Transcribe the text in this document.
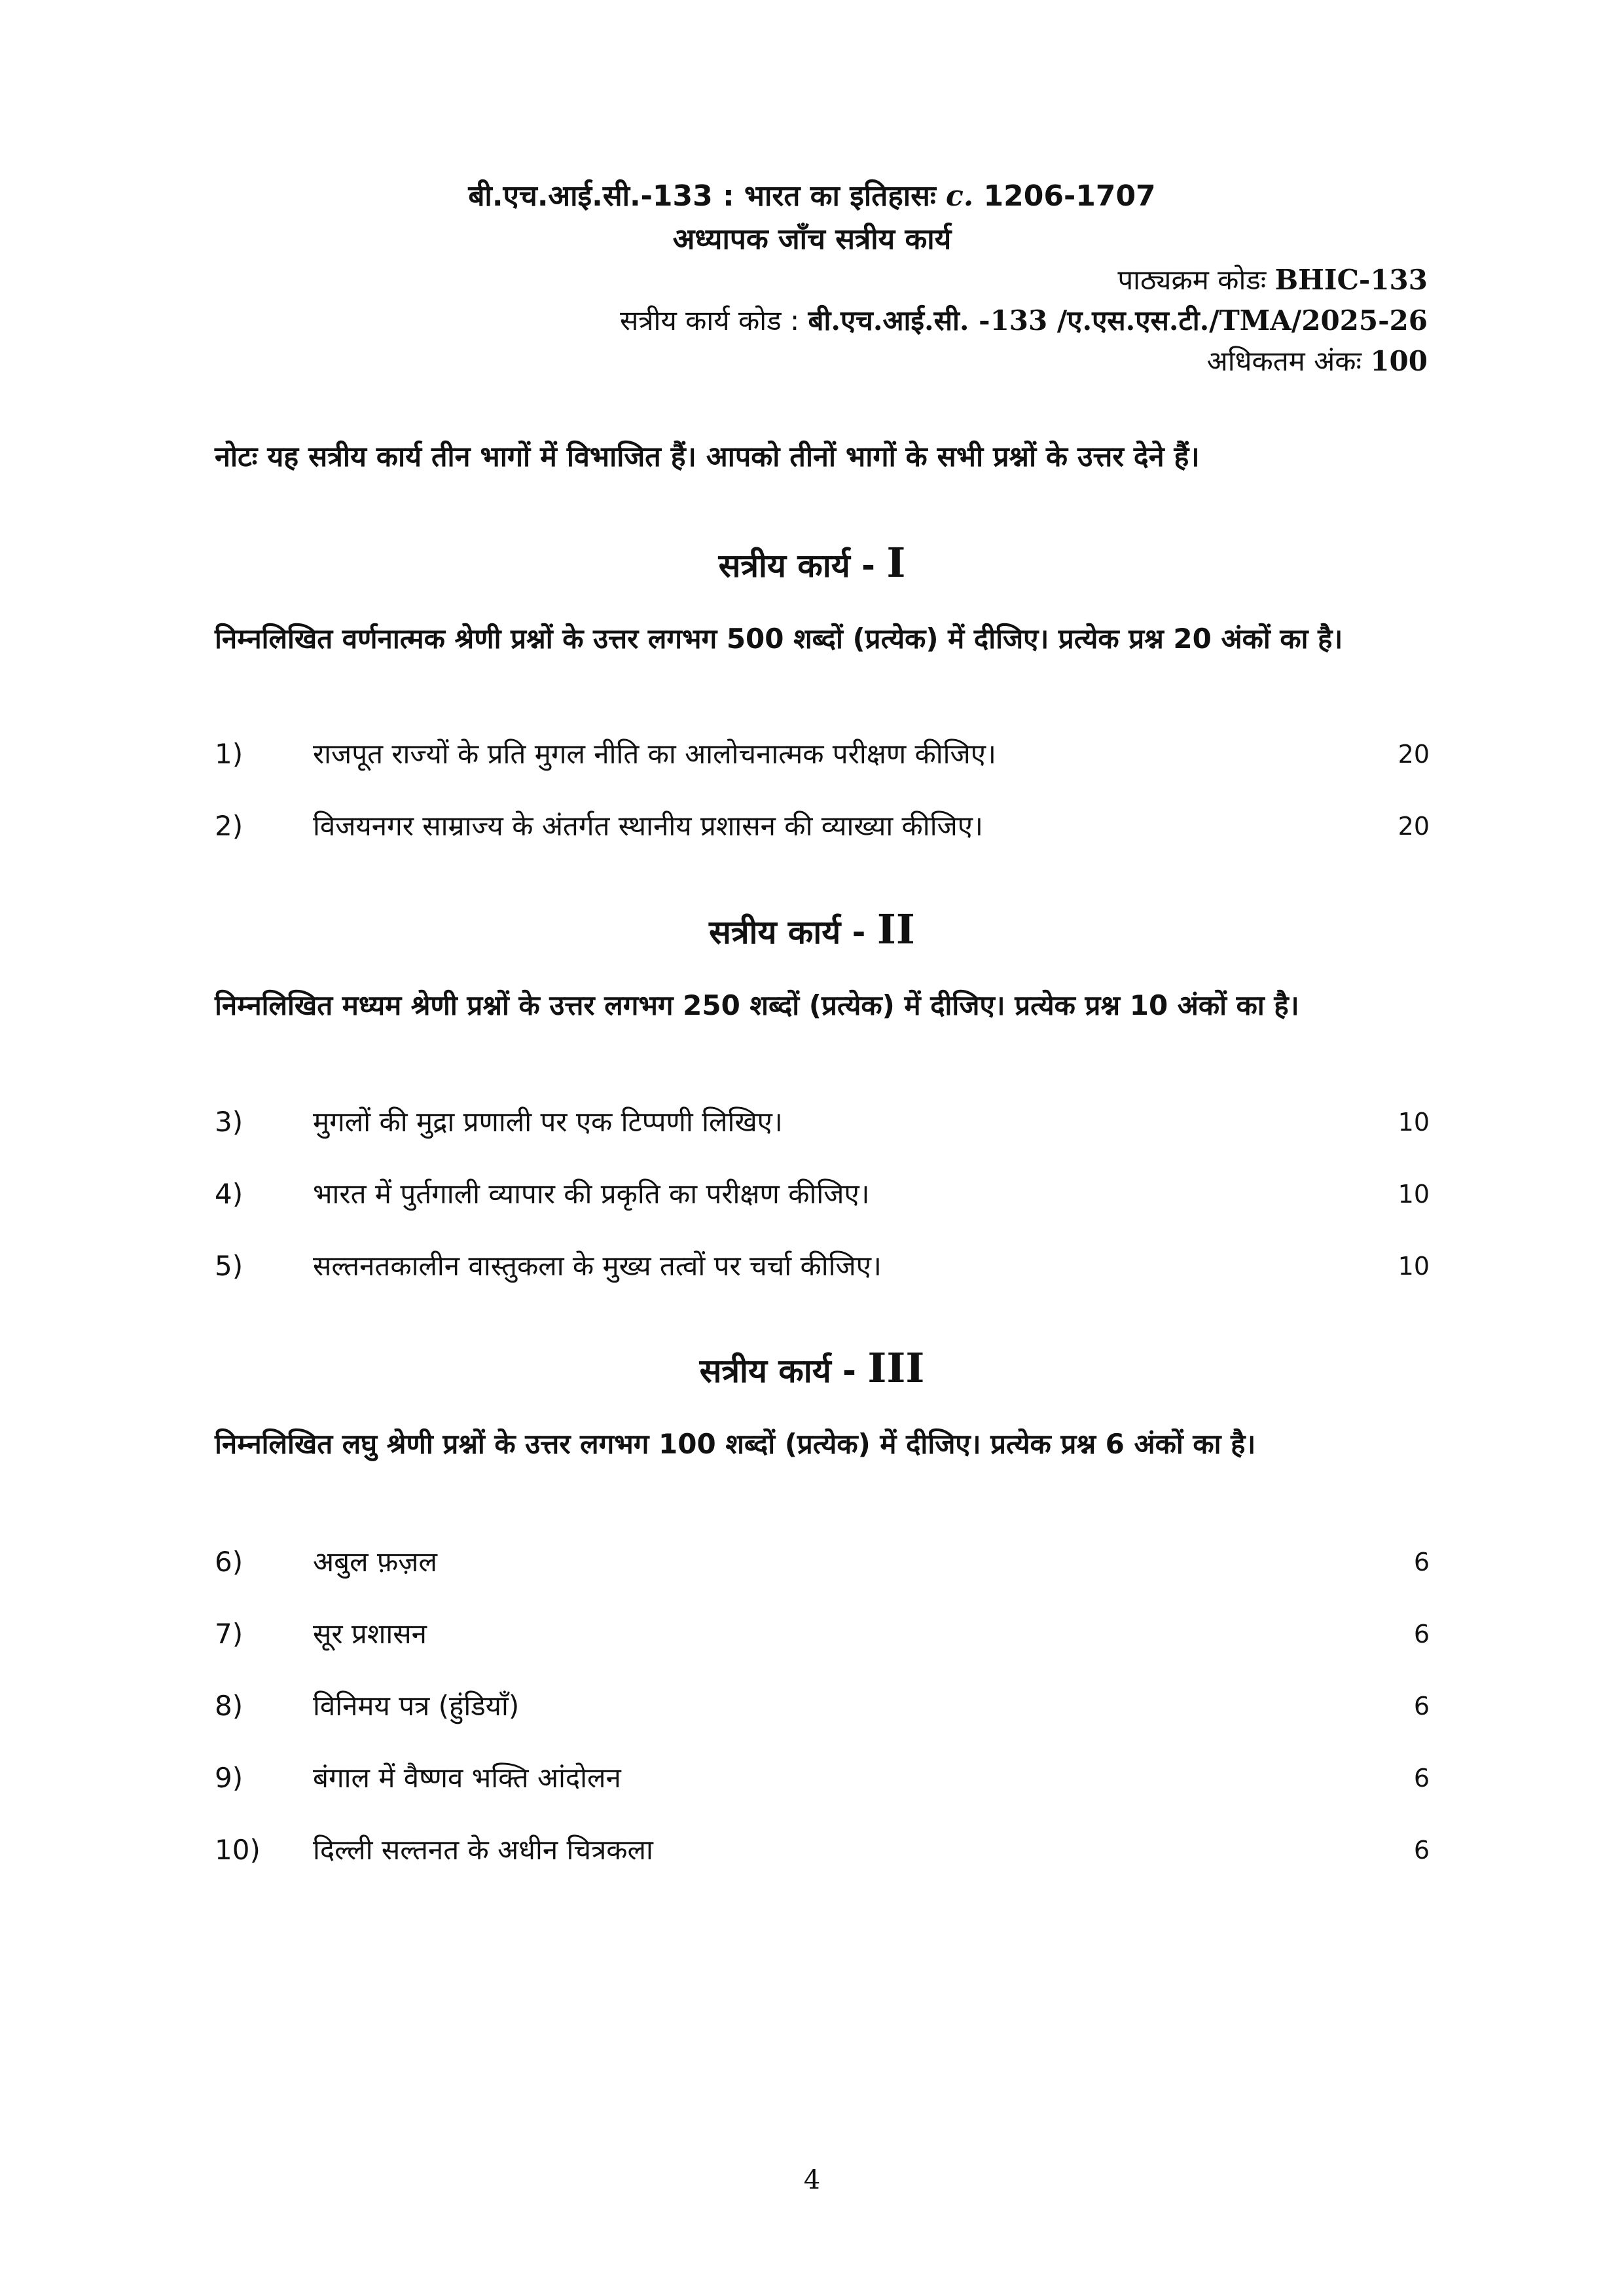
बी.एच.आई.सी.-133 : भारत का इतिहासः c. 1206-1707
अध्यापक जाँच सत्रीय कार्य
पाठ्यक्रम कोडः BHIC-133
सत्रीय कार्य कोड : बी.एच.आई.सी. -133 /ए.एस.एस.टी./TMA/2025-26
अधिकतम अंकः 100
नोटः यह सत्रीय कार्य तीन भागों में विभाजित हैं। आपको तीनों भागों के सभी प्रश्नों के उत्तर देने हैं।
सत्रीय कार्य - I
निम्नलिखित वर्णनात्मक श्रेणी प्रश्नों के उत्तर लगभग 500 शब्दों (प्रत्येक) में दीजिए। प्रत्येक प्रश्न 20 अंकों का है।
1)	राजपूत राज्यों के प्रति मुगल नीति का आलोचनात्मक परीक्षण कीजिए।	20
2)	विजयनगर साम्राज्य के अंतर्गत स्थानीय प्रशासन की व्याख्या कीजिए।	20
सत्रीय कार्य - II
निम्नलिखित मध्यम श्रेणी प्रश्नों के उत्तर लगभग 250 शब्दों (प्रत्येक) में दीजिए। प्रत्येक प्रश्न 10 अंकों का है।
3)	मुगलों की मुद्रा प्रणाली पर एक टिप्पणी लिखिए।	10
4)	भारत में पुर्तगाली व्यापार की प्रकृति का परीक्षण कीजिए।	10
5)	सल्तनतकालीन वास्तुकला के मुख्य तत्वों पर चर्चा कीजिए।	10
सत्रीय कार्य - III
निम्नलिखित लघु श्रेणी प्रश्नों के उत्तर लगभग 100 शब्दों (प्रत्येक) में दीजिए। प्रत्येक प्रश्न 6 अंकों का है।
6)	अबुल फ़ज़ल	6
7)	सूर प्रशासन	6
8)	विनिमय पत्र (हुंडियाँ)	6
9)	बंगाल में वैष्णव भक्ति आंदोलन	6
10) दिल्ली सल्तनत के अधीन चित्रकला	6
4
